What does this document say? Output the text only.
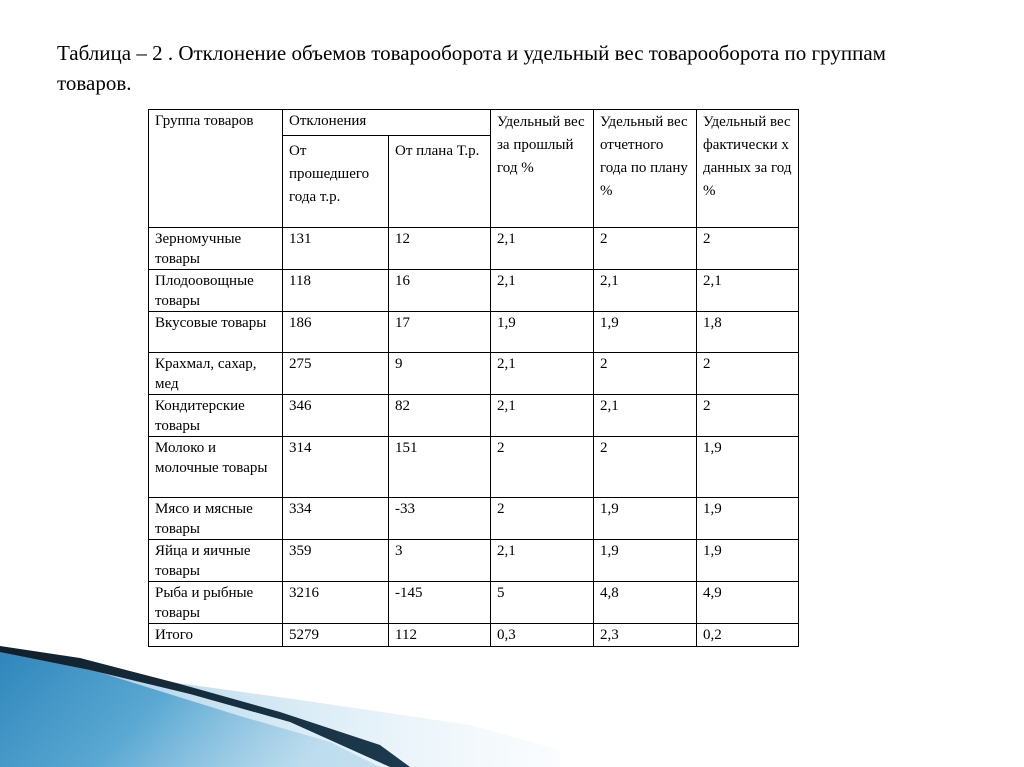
Таблица – 2 . Отклонение объемов товарооборота и удельный вес товарооборота по группам товаров.
Группа товаров	Отклонения		Удельный вес за прошлый год %	Удельный вес отчетного года по плану %	Удельный вес фактически х данных за год %
	От прошедшего года т.р.	От плана Т.р.			
Зерномучные товары	131	12	2,1	2	2
Плодоовощные товары	118	16	2,1	2,1	2,1
Вкусовые товары	186	17	1,9	1,9	1,8
Крахмал, сахар, мед	275	9	2,1	2	2
Кондитерские товары	346	82	2,1	2,1	2
Молоко и молочные товары	314	151	2	2	1,9
Мясо и мясные товары	334	-33	2	1,9	1,9
Яйца и яичные товары	359	3	2,1	1,9	1,9
Рыба и рыбные товары	3216	-145	5	4,8	4,9
Итого	5279	112	0,3	2,3	0,2
